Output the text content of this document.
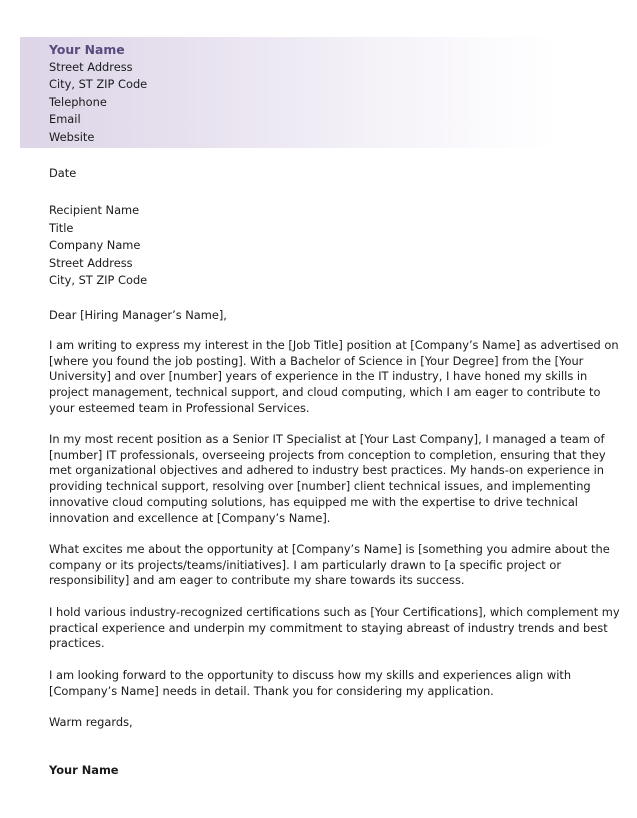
Your Name
Street Address
City, ST ZIP Code
Telephone
Email
Website
Date
Recipient Name
Title
Company Name
Street Address
City, ST ZIP Code
Dear [Hiring Manager’s Name],
I am writing to express my interest in the [Job Title] position at [Company’s Name] as advertised on
[where you found the job posting]. With a Bachelor of Science in [Your Degree] from the [Your
University] and over [number] years of experience in the IT industry, I have honed my skills in
project management, technical support, and cloud computing, which I am eager to contribute to
your esteemed team in Professional Services.
In my most recent position as a Senior IT Specialist at [Your Last Company], I managed a team of
[number] IT professionals, overseeing projects from conception to completion, ensuring that they
met organizational objectives and adhered to industry best practices. My hands-on experience in
providing technical support, resolving over [number] client technical issues, and implementing
innovative cloud computing solutions, has equipped me with the expertise to drive technical
innovation and excellence at [Company’s Name].
What excites me about the opportunity at [Company’s Name] is [something you admire about the
company or its projects/teams/initiatives]. I am particularly drawn to [a specific project or
responsibility] and am eager to contribute my share towards its success.
I hold various industry-recognized certifications such as [Your Certifications], which complement my
practical experience and underpin my commitment to staying abreast of industry trends and best
practices.
I am looking forward to the opportunity to discuss how my skills and experiences align with
[Company’s Name] needs in detail. Thank you for considering my application.
Warm regards,
Your Name
